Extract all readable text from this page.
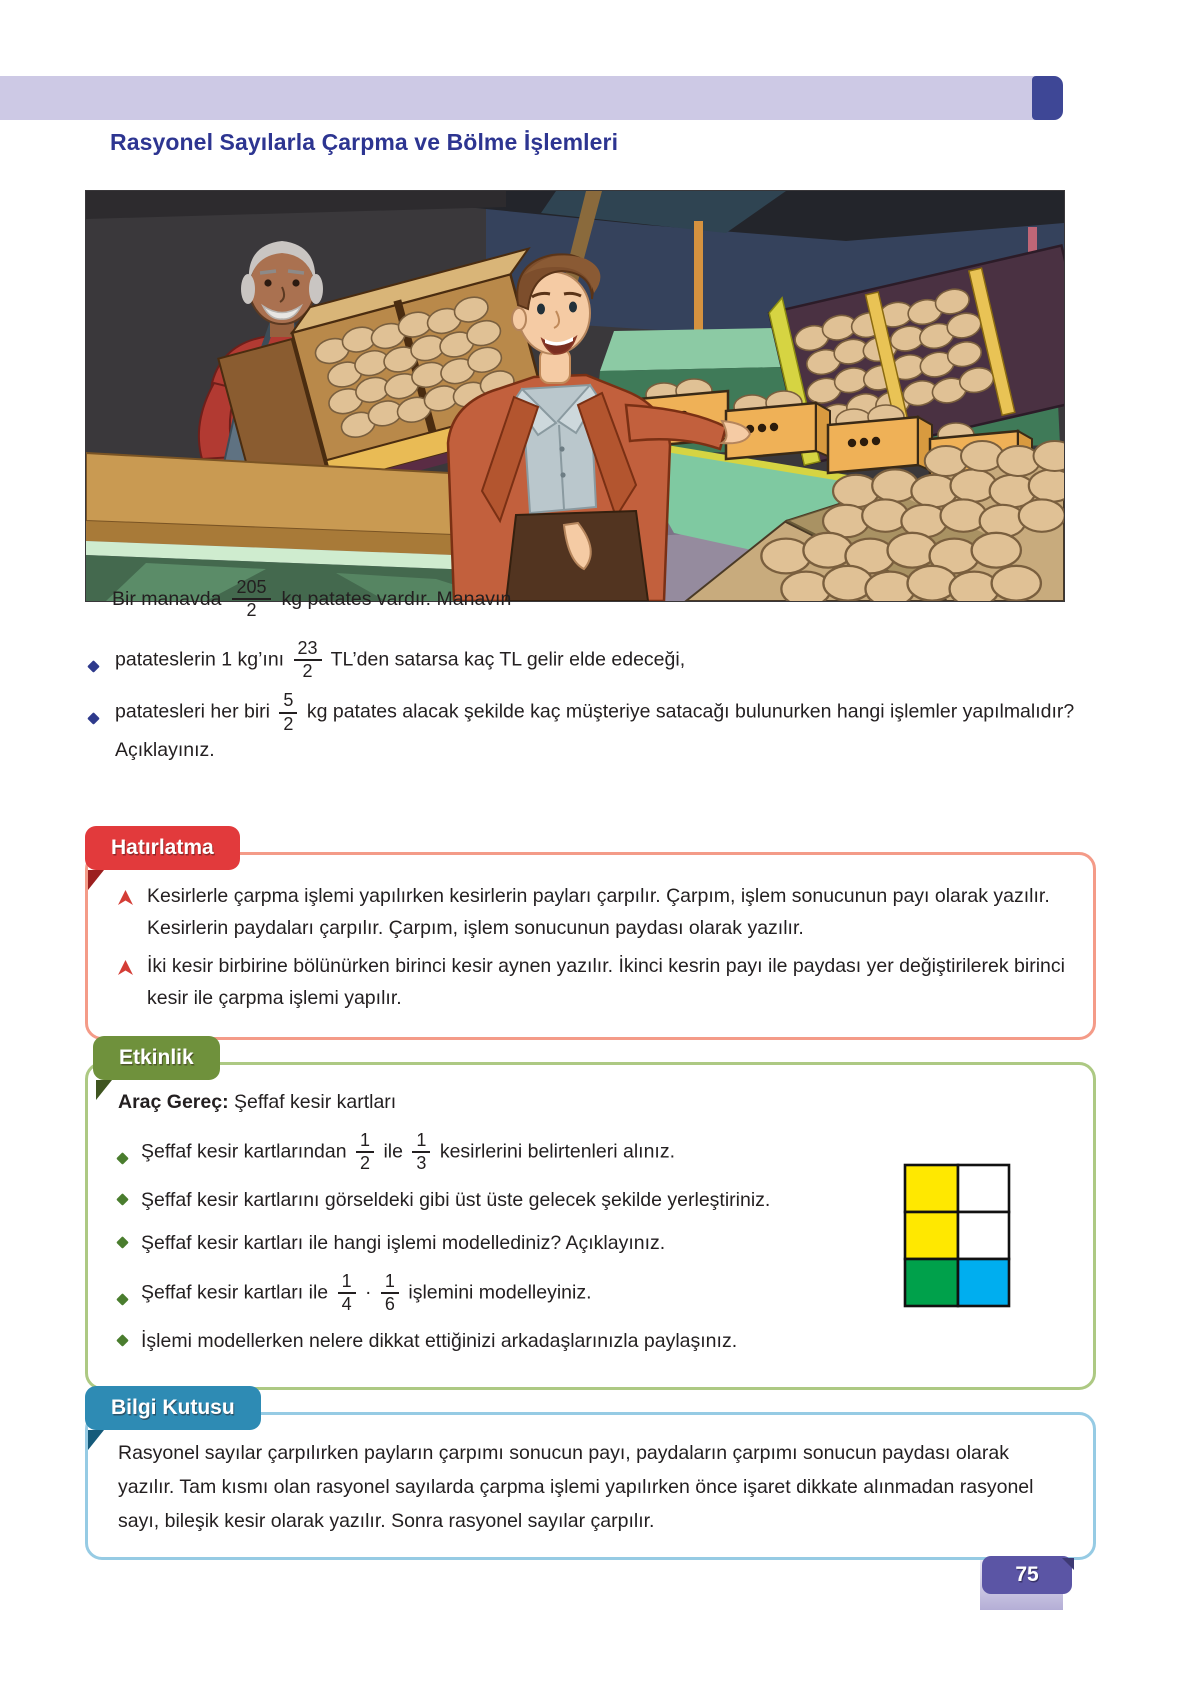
Rasyonel Sayılarla Çarpma ve Bölme İşlemleri

Bir manavda $\frac{205}{2}$ kg patates vardır. Manavın

patateslerin 1 kg’ını $\frac{23}{2}$ TL’den satarsa kaç TL gelir elde edeceği,
patatesleri her biri $\frac{5}{2}$ kg patates alacak şekilde kaç müşteriye satacağı bulunurken hangi işlemler yapılmalıdır? Açıklayınız.
Hatırlatma
Kesirlerle çarpma işlemi yapılırken kesirlerin payları çarpılır. Çarpım, işlem sonucunun payı olarak yazılır. Kesirlerin paydaları çarpılır. Çarpım, işlem sonucunun paydası olarak yazılır.
İki kesir birbirine bölünürken birinci kesir aynen yazılır. İkinci kesrin payı ile paydası yer değiştirilerek birinci kesir ile çarpma işlemi yapılır.
Etkinlik

Araç Gereç: Şeffaf kesir kartları

Şeffaf kesir kartlarından $\frac{1}{2}$ ile $\frac{1}{3}$ kesirlerini belirtenleri alınız.
Şeffaf kesir kartlarını görseldeki gibi üst üste gelecek şekilde yerleştiriniz.
Şeffaf kesir kartları ile hangi işlemi modellediniz? Açıklayınız.
Şeffaf kesir kartları ile $\frac{1}{4} \cdot \frac{1}{6}$ işlemini modelleyiniz.
İşlemi modellerken nelere dikkat ettiğinizi arkadaşlarınızla paylaşınız.
Bilgi Kutusu

Rasyonel sayılar çarpılırken payların çarpımı sonucun payı, paydaların çarpımı sonucun paydası olarak yazılır. Tam kısmı olan rasyonel sayılarda çarpma işlemi yapılırken önce işaret dikkate alınmadan rasyonel sayı, bileşik kesir olarak yazılır. Sonra rasyonel sayılar çarpılır.

75
